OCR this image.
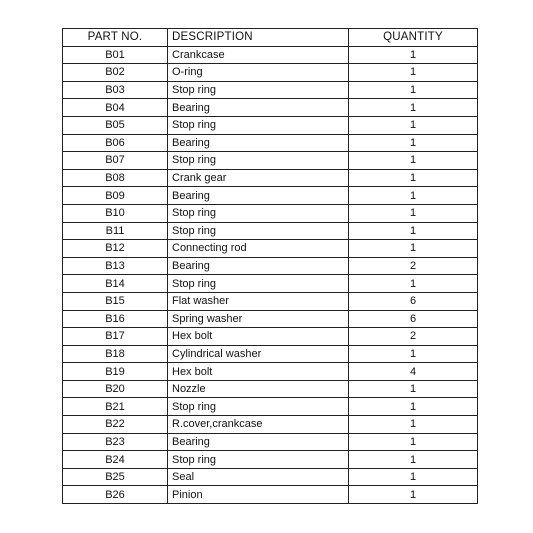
PART NO.	DESCRIPTION	QUANTITY
B01	Crankcase	1
B02	O-ring	1
B03	Stop ring	1
B04	Bearing	1
B05	Stop ring	1
B06	Bearing	1
B07	Stop ring	1
B08	Crank gear	1
B09	Bearing	1
B10	Stop ring	1
B11	Stop ring	1
B12	Connecting rod	1
B13	Bearing	2
B14	Stop ring	1
B15	Flat washer	6
B16	Spring washer	6
B17	Hex bolt	2
B18	Cylindrical washer	1
B19	Hex bolt	4
B20	Nozzle	1
B21	Stop ring	1
B22	R.cover,crankcase	1
B23	Bearing	1
B24	Stop ring	1
B25	Seal	1
B26	Pinion	1
